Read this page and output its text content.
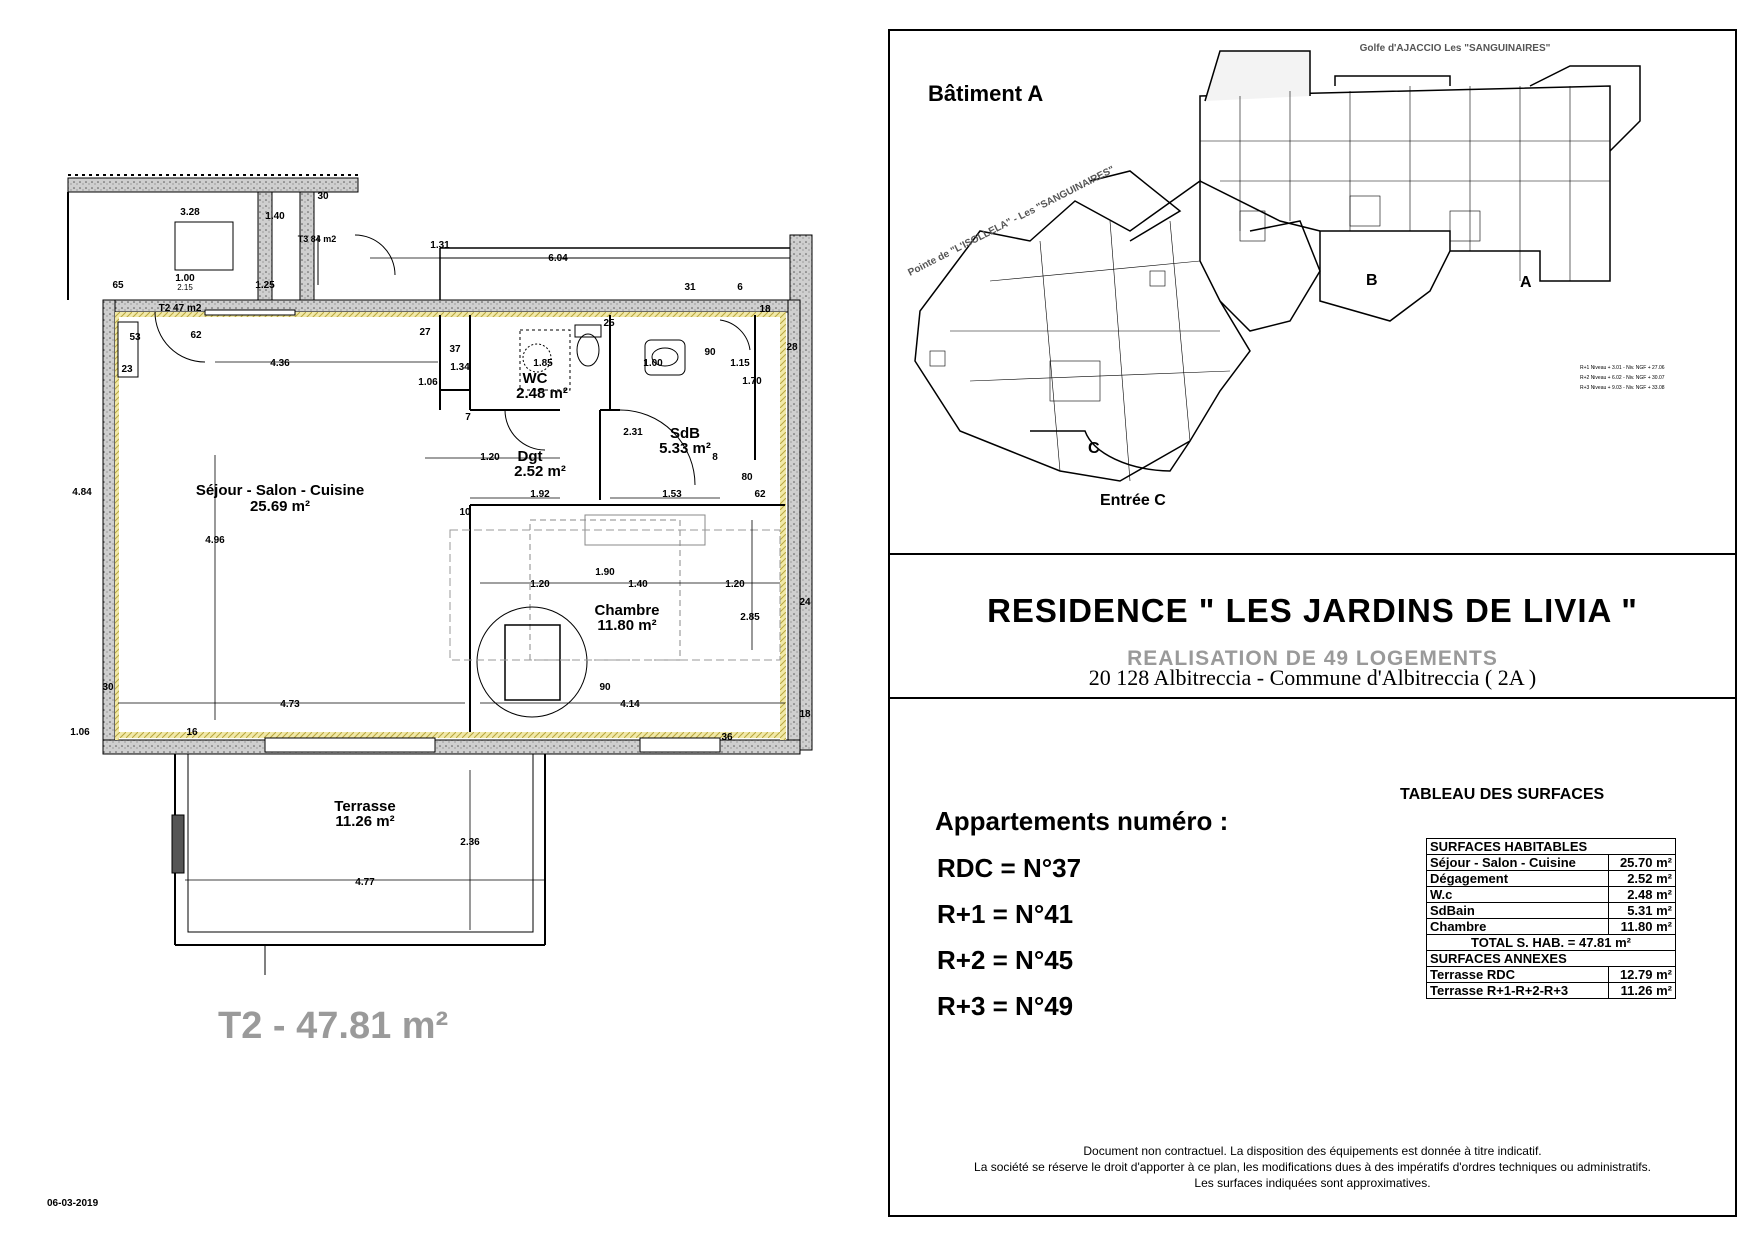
Séjour - Salon - Cuisine
25.69 m²
WC
2.48 m²
SdB
5.33 m²
Dgt
2.52 m²
Chambre
11.80 m²
Terrasse
11.26 m²
3.28	1.40
1.00
2.15	1.25
65
T2 47 m2
62
53
23
4.36
37
27
1.06
1.34	1.85
25
1.00
90
1.15
1.70
6.04
1.31
T3 84 m2
30
28
18
6
31
8
7
2.31
1.20
1.92	1.53
80
62
10
4.84
4.96
1.20
1.90
1.40	1.20
2.85
24
30
4.73
90
4.14
18
36
1.06	16
2.36
4.77
T2 - 47.81 m²
06-03-2019
Bâtiment A
Golfe d'AJACCIO Les "SANGUINAIRES"
Pointe de "L'ISOLLELA" - Les "SANGUINAIRES"
B	A
C
Entrée C
R+1 Niveau + 3.01 - Niv. NGF + 27.06
R+2 Niveau + 6.02 - Niv. NGF + 30.07
R+3 Niveau + 9.03 - Niv. NGF + 33.08
RESIDENCE " LES JARDINS DE LIVIA "
REALISATION DE 49 LOGEMENTS
20 128 Albitreccia - Commune d'Albitreccia ( 2A )
Appartements numéro :
RDC = N°37
R+1 = N°41
R+2 = N°45
R+3 = N°49
TABLEAU DES SURFACES
SURFACES HABITABLES	
Séjour - Salon - Cuisine	25.70 m²
Dégagement	2.52 m²
W.c	2.48 m²
SdBain	5.31 m²
Chambre	11.80 m²
TOTAL S. HAB. = 47.81 m²	
SURFACES ANNEXES	
Terrasse RDC	12.79 m²
Terrasse R+1-R+2-R+3	11.26 m²
Document non contractuel. La disposition des équipements est donnée à titre indicatif.
La société se réserve le droit d'apporter à ce plan, les modifications dues à des impératifs d'ordres techniques ou administratifs.
Les surfaces indiquées sont approximatives.
